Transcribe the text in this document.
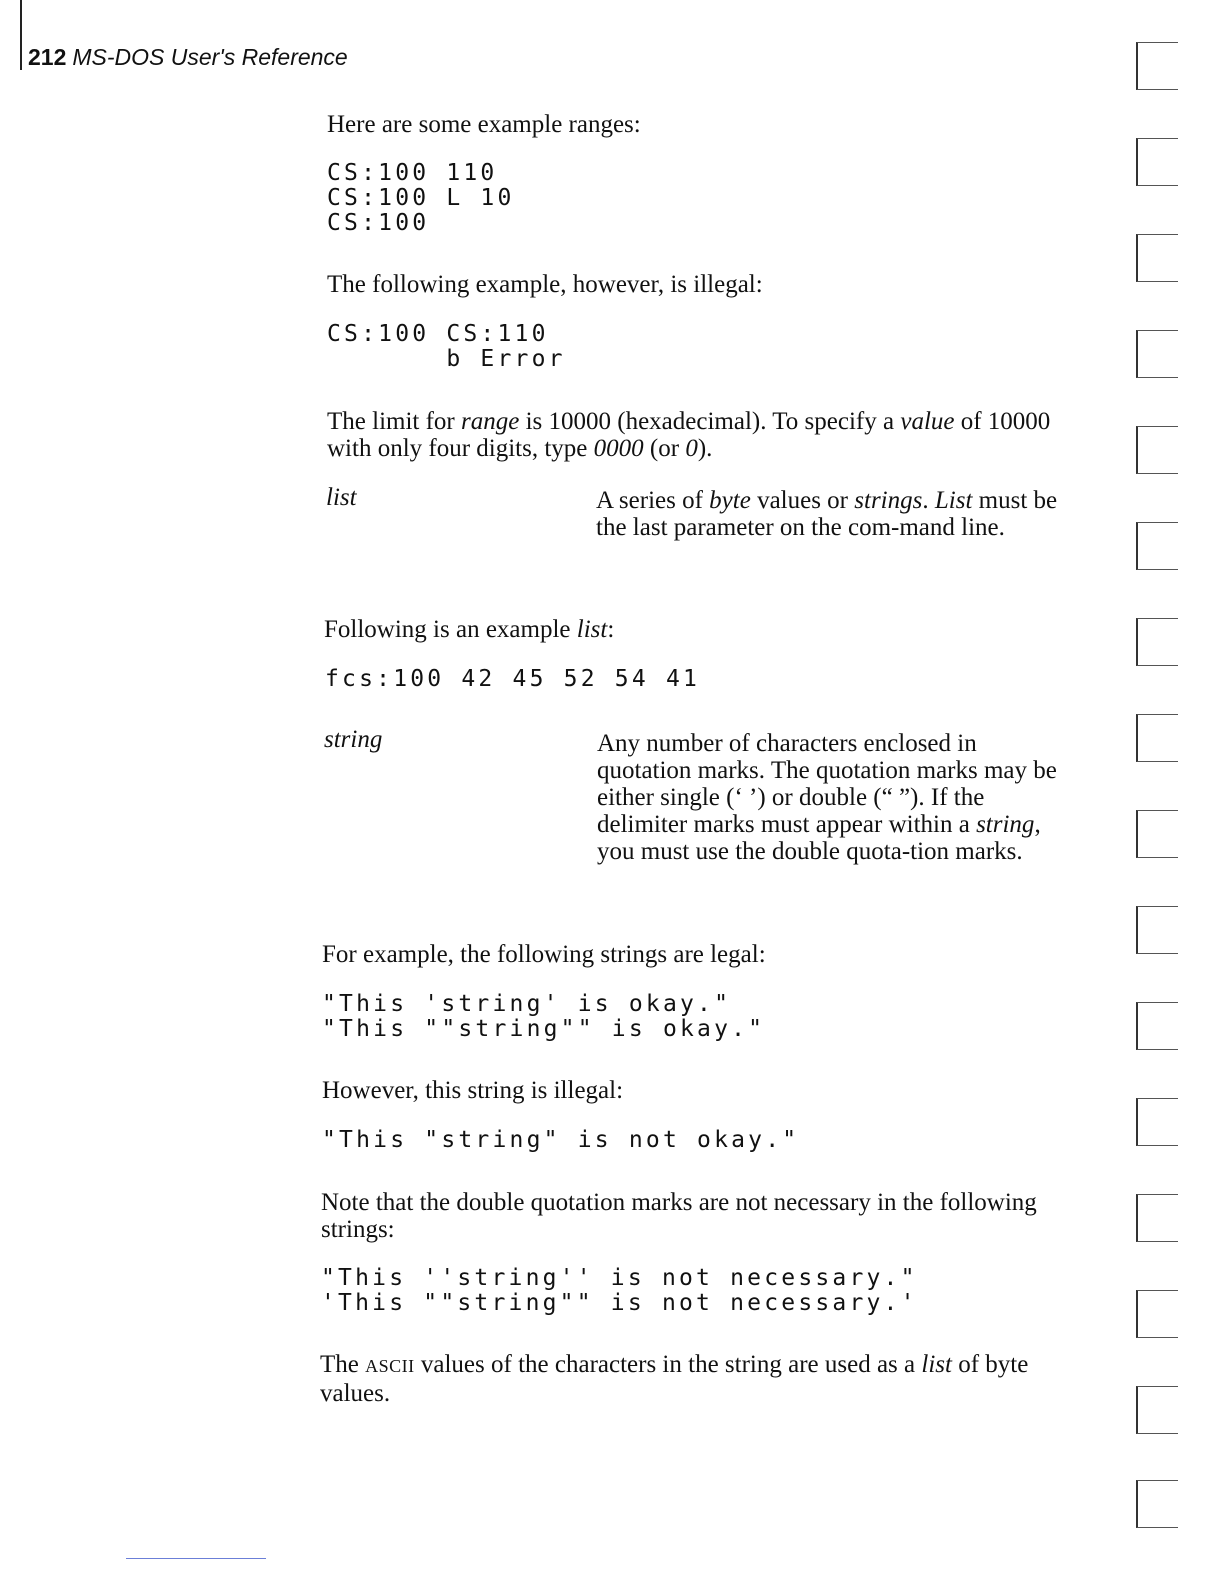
212 MS-DOS User's Reference
Here are some example ranges:
CS:100 110
CS:100 L 10
CS:100
The following example, however, is illegal:
CS:100 CS:110
b Error
The limit for range is 10000 (hexadecimal). To specify a value of 10000 with only four digits, type 0000 (or 0).
list	A series of byte values or strings. List must be the last parameter on the com-mand line.
Following is an example list:
fcs:100 42 45 52 54 41
string	Any number of characters enclosed in quotation marks. The quotation marks may be either single (‘ ’) or double (“ ”). If the delimiter marks must appear within a string, you must use the double quota-tion marks.
For example, the following strings are legal:
"This 'string' is okay."
"This ""string"" is okay."
However, this string is illegal:
"This "string" is not okay."
Note that the double quotation marks are not necessary in the following strings:
"This ''string'' is not necessary."
'This ""string"" is not necessary.'
The ASCII values of the characters in the string are used as a list of byte values.
